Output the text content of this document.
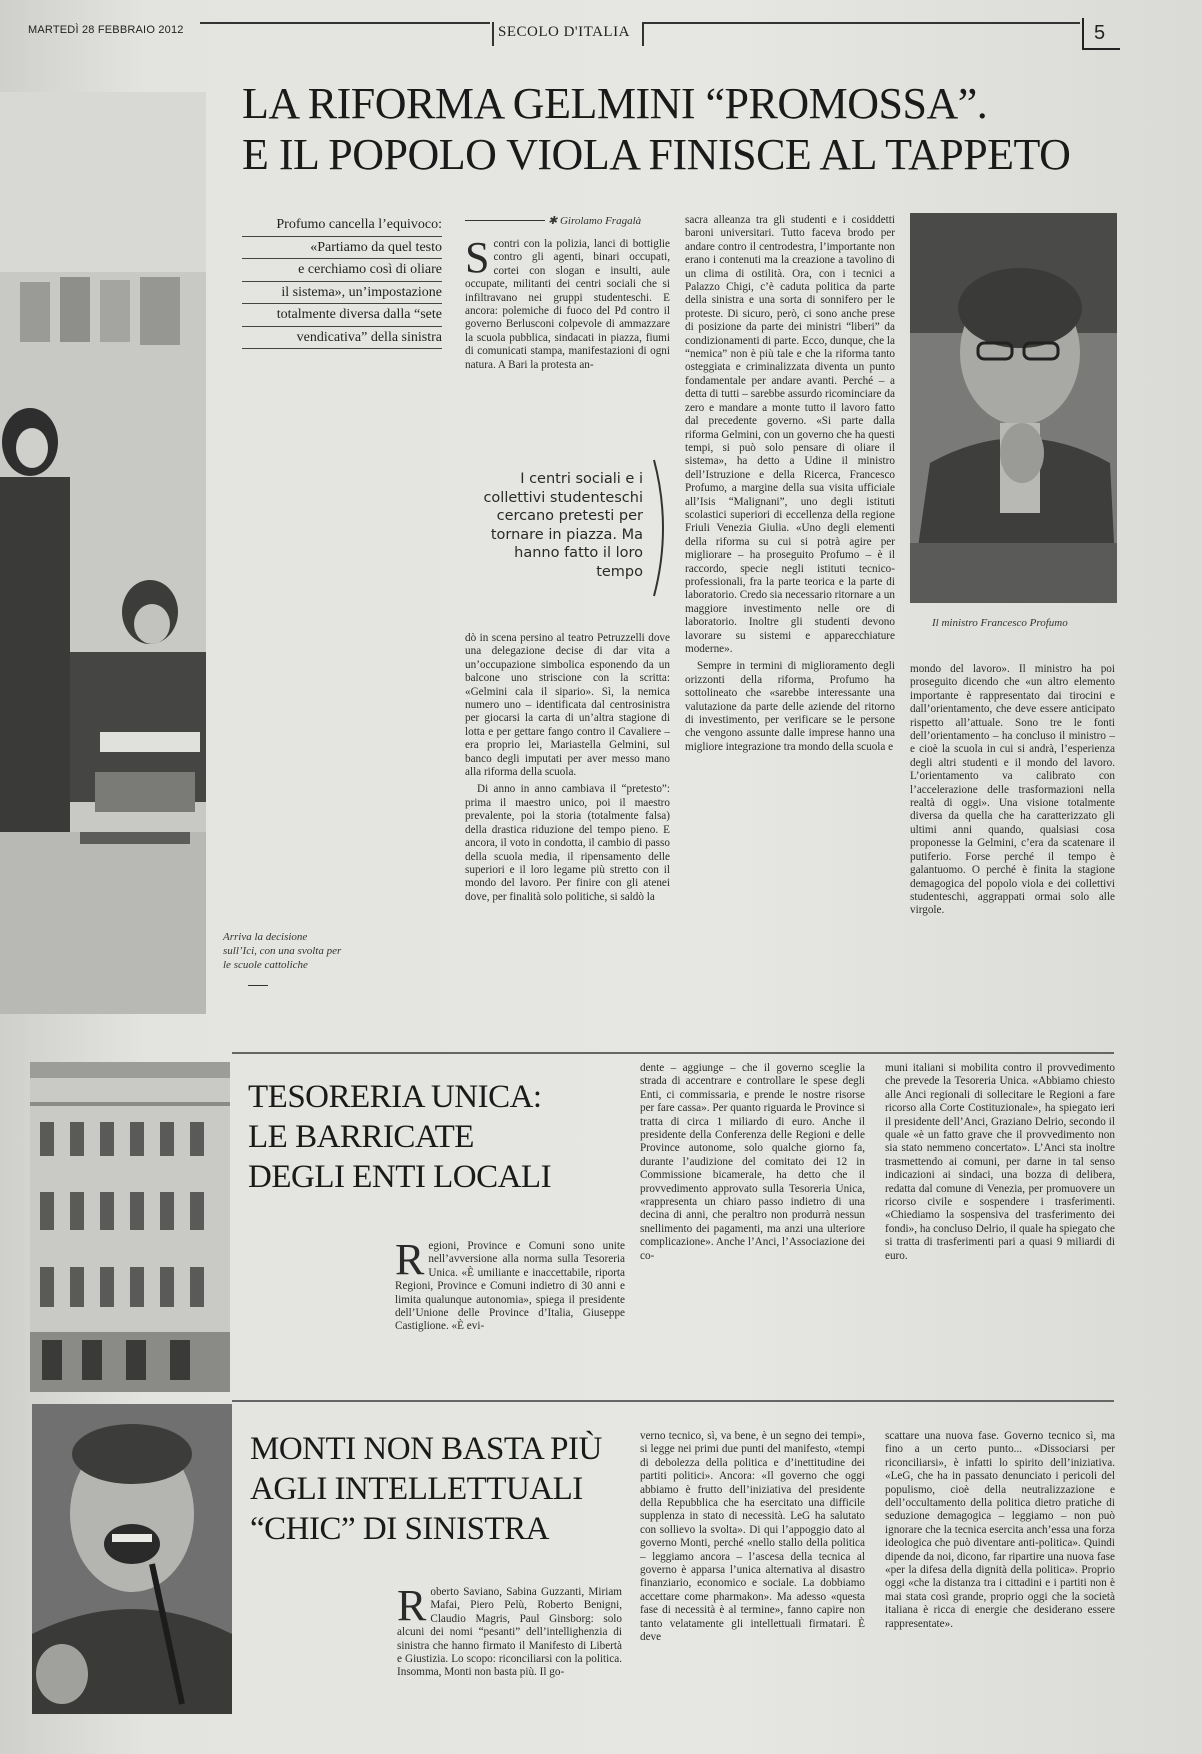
MARTEDÌ 28 FEBBRAIO 2012	SECOLO D'ITALIA	5
Arriva la decisione sull’Ici, con una svolta per le scuole cattoliche
LA RIFORMA GELMINI “PROMOSSA”.
E IL POPOLO VIOLA FINISCE AL TAPPETO
Profumo cancella l’equivoco:
«Partiamo da quel testo
e cerchiamo così di oliare
il sistema», un’impostazione
totalmente diversa dalla “sete
vendicativa” della sinistra
✱ Girolamo Fragalà
S contri con la polizia, lanci di bottiglie contro gli agenti, binari occupati, cortei con slogan e insulti, aule occupate, militanti dei centri sociali che si infiltravano nei gruppi studenteschi. E ancora: polemiche di fuoco del Pd contro il governo Berlusconi colpevole di ammazzare la scuola pubblica, sindacati in piazza, fiumi di comunicati stampa, manifestazioni di ogni natura. A Bari la protesta an-
I centri sociali e i collettivi studenteschi cercano pretesti per tornare in piazza. Ma hanno fatto il loro tempo

dò in scena persino al teatro Petruzzelli dove una delegazione decise di dar vita a un’occupazione simbolica esponendo da un balcone uno striscione con la scritta: «Gelmini cala il sipario». Sì, la nemica numero uno – identificata dal centrosinistra per giocarsi la carta di un’altra stagione di lotta e per gettare fango contro il Cavaliere – era proprio lei, Mariastella Gelmini, sul banco degli imputati per aver messo mano alla riforma della scuola.

Di anno in anno cambiava il “pretesto”: prima il maestro unico, poi il maestro prevalente, poi la storia (totalmente falsa) della drastica riduzione del tempo pieno. E ancora, il voto in condotta, il cambio di passo della scuola media, il ripensamento delle superiori e il loro legame più stretto con il mondo del lavoro. Per finire con gli atenei dove, per finalità solo politiche, si saldò la

sacra alleanza tra gli studenti e i cosiddetti baroni universitari. Tutto faceva brodo per andare contro il centrodestra, l’importante non erano i contenuti ma la creazione a tavolino di un clima di ostilità. Ora, con i tecnici a Palazzo Chigi, c’è caduta politica da parte della sinistra e una sorta di sonnifero per le proteste. Di sicuro, però, ci sono anche prese di posizione da parte dei ministri “liberi” da condizionamenti di parte. Ecco, dunque, che la “nemica” non è più tale e che la riforma tanto osteggiata e criminalizzata diventa un punto fondamentale per andare avanti. Perché – a detta di tutti – sarebbe assurdo ricominciare da zero e mandare a monte tutto il lavoro fatto dal precedente governo. «Si parte dalla riforma Gelmini, con un governo che ha questi tempi, si può solo pensare di oliare il sistema», ha detto a Udine il ministro dell’Istruzione e della Ricerca, Francesco Profumo, a margine della sua visita ufficiale all’Isis “Malignani”, uno degli istituti scolastici superiori di eccellenza della regione Friuli Venezia Giulia. «Uno degli elementi della riforma su cui si potrà agire per migliorare – ha proseguito Profumo – è il raccordo, specie negli istituti tecnico-professionali, fra la parte teorica e la parte di laboratorio. Credo sia necessario ritornare a un maggiore investimento nelle ore di laboratorio. Inoltre gli studenti devono lavorare su sistemi e apparecchiature moderne».

Sempre in termini di miglioramento degli orizzonti della riforma, Profumo ha sottolineato che «sarebbe interessante una valutazione da parte delle aziende del ritorno di investimento, per verificare se le persone che vengono assunte dalle imprese hanno una migliore integrazione tra mondo della scuola e

Il ministro Francesco Profumo

mondo del lavoro». Il ministro ha poi proseguito dicendo che «un altro elemento importante è rappresentato dai tirocini e dall’orientamento, che deve essere anticipato rispetto all’attuale. Sono tre le fonti dell’orientamento – ha concluso il ministro – e cioè la scuola in cui si andrà, l’esperienza degli altri studenti e il mondo del lavoro. L’orientamento va calibrato con l’accelerazione delle trasformazioni nella realtà di oggi». Una visione totalmente diversa da quella che ha caratterizzato gli ultimi anni quando, qualsiasi cosa proponesse la Gelmini, c’era da scatenare il putiferio. Forse perché il tempo è galantuomo. O perché è finita la stagione demagogica del popolo viola e dei collettivi studenteschi, aggrappati ormai solo alle virgole.

TESORERIA UNICA:
LE BARRICATE
DEGLI ENTI LOCALI
R egioni, Province e Comuni sono unite nell’avversione alla norma sulla Tesoreria Unica. «È umiliante e inaccettabile, riporta Regioni, Province e Comuni indietro di 30 anni e limita qualunque autonomia», spiega il presidente dell’Unione delle Province d’Italia, Giuseppe Castiglione. «È evi-

dente – aggiunge – che il governo sceglie la strada di accentrare e controllare le spese degli Enti, ci commissaria, e prende le nostre risorse per fare cassa». Per quanto riguarda le Province si tratta di circa 1 miliardo di euro. Anche il presidente della Conferenza delle Regioni e delle Province autonome, solo qualche giorno fa, durante l’audizione del comitato dei 12 in Commissione bicamerale, ha detto che il provvedimento approvato sulla Tesoreria Unica, «rappresenta un chiaro passo indietro di una decina di anni, che peraltro non produrrà nessun snellimento dei pagamenti, ma anzi una ulteriore complicazione». Anche l’Anci, l’Associazione dei co-

muni italiani si mobilita contro il provvedimento che prevede la Tesoreria Unica. «Abbiamo chiesto alle Anci regionali di sollecitare le Regioni a fare ricorso alla Corte Costituzionale», ha spiegato ieri il presidente dell’Anci, Graziano Delrio, secondo il quale «è un fatto grave che il provvedimento non sia stato nemmeno concertato». L’Anci sta inoltre trasmettendo ai comuni, per darne in tal senso indicazioni ai sindaci, una bozza di delibera, redatta dal comune di Venezia, per promuovere un ricorso civile e sospendere i trasferimenti. «Chiediamo la sospensiva del trasferimento dei fondi», ha concluso Delrio, il quale ha spiegato che si tratta di trasferimenti pari a quasi 9 miliardi di euro.

MONTI NON BASTA PIÙ
AGLI INTELLETTUALI
“CHIC” DI SINISTRA
R oberto Saviano, Sabina Guzzanti, Miriam Mafai, Piero Pelù, Roberto Benigni, Claudio Magris, Paul Ginsborg: solo alcuni dei nomi “pesanti” dell’intellighenzia di sinistra che hanno firmato il Manifesto di Libertà e Giustizia. Lo scopo: riconciliarsi con la politica. Insomma, Monti non basta più. Il go-

verno tecnico, sì, va bene, è un segno dei tempi», si legge nei primi due punti del manifesto, «tempi di debolezza della politica e d’inettitudine dei partiti politici». Ancora: «Il governo che oggi abbiamo è frutto dell’iniziativa del presidente della Repubblica che ha esercitato una difficile supplenza in stato di necessità. LeG ha salutato con sollievo la svolta». Di qui l’appoggio dato al governo Monti, perché «nello stallo della politica – leggiamo ancora – l’ascesa della tecnica al governo è apparsa l’unica alternativa al disastro finanziario, economico e sociale. La dobbiamo accettare come pharmakon». Ma adesso «questa fase di necessità è al termine», fanno capire non tanto velatamente gli intellettuali firmatari. È deve

scattare una nuova fase. Governo tecnico sì, ma fino a un certo punto... «Dissociarsi per riconciliarsi», è infatti lo spirito dell’iniziativa. «LeG, che ha in passato denunciato i pericoli del populismo, cioè della neutralizzazione e dell’occultamento della politica dietro pratiche di seduzione demagogica – leggiamo – non può ignorare che la tecnica esercita anch’essa una forza ideologica che può diventare anti-politica». Quindi dipende da noi, dicono, far ripartire una nuova fase «per la difesa della dignità della politica». Proprio oggi «che la distanza tra i cittadini e i partiti non è mai stata così grande, proprio oggi che la società italiana è ricca di energie che desiderano essere rappresentate».
